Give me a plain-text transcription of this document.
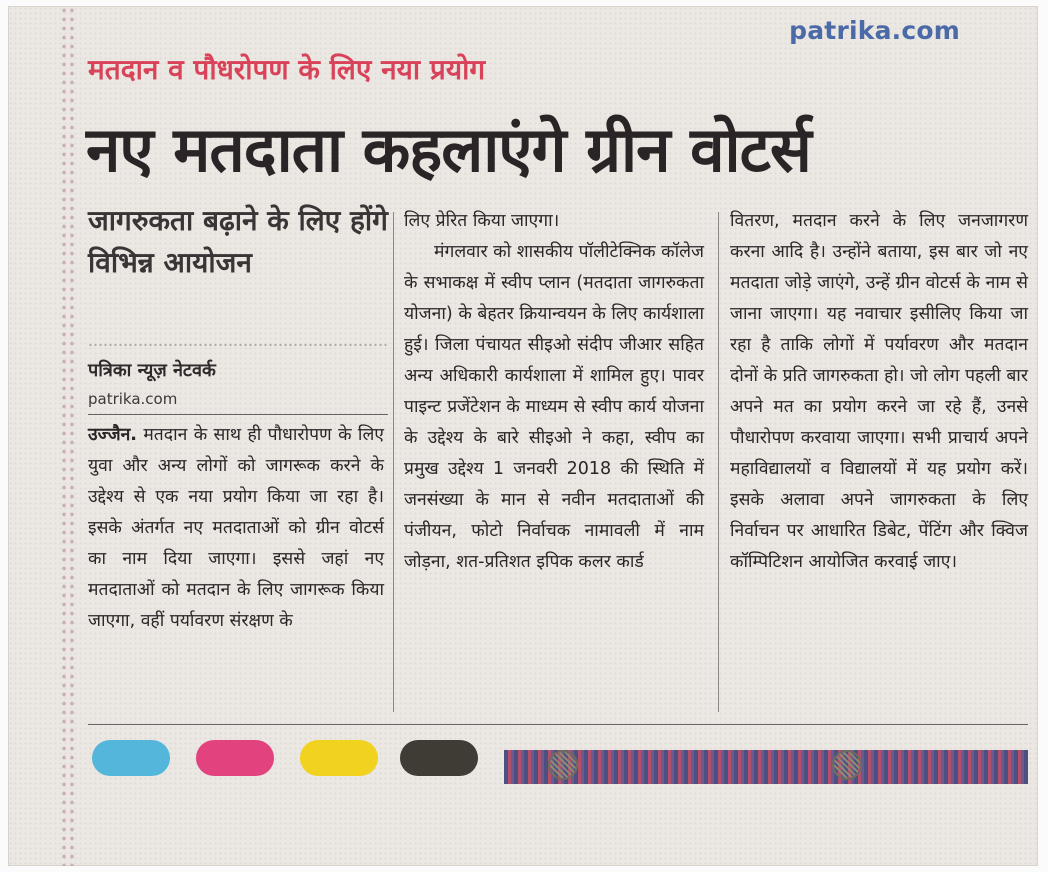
patrika.com
मतदान व पौधरोपण के लिए नया प्रयोग
नए मतदाता कहलाएंगे ग्रीन वोटर्स
जागरुकता बढ़ाने के लिए होंगे विभिन्न आयोजन
पत्रिका न्यूज़ नेटवर्क
patrika.com

उज्जैन. मतदान के साथ ही पौधारोपण के लिए युवा और अन्य लोगों को जागरूक करने के उद्देश्य से एक नया प्रयोग किया जा रहा है। इसके अंतर्गत नए मतदाताओं को ग्रीन वोटर्स का नाम दिया जाएगा। इससे जहां नए मतदाताओं को मतदान के लिए जागरूक किया जाएगा, वहीं पर्यावरण संरक्षण के

लिए प्रेरित किया जाएगा।

मंगलवार को शासकीय पॉलीटेक्निक कॉलेज के सभाकक्ष में स्वीप प्लान (मतदाता जागरुकता योजना) के बेहतर क्रियान्वयन के लिए कार्यशाला हुई। जिला पंचायत सीइओ संदीप जीआर सहित अन्य अधिकारी कार्यशाला में शामिल हुए। पावर पाइन्ट प्रजेंटेशन के माध्यम से स्वीप कार्य योजना के उद्देश्य के बारे सीइओ ने कहा, स्वीप का प्रमुख उद्देश्य 1 जनवरी 2018 की स्थिति में जनसंख्या के मान से नवीन मतदाताओं की पंजीयन, फोटो निर्वाचक नामावली में नाम जोड़ना, शत-प्रतिशत इपिक कलर कार्ड

वितरण, मतदान करने के लिए जनजागरण करना आदि है। उन्होंने बताया, इस बार जो नए मतदाता जोड़े जाएंगे, उन्हें ग्रीन वोटर्स के नाम से जाना जाएगा। यह नवाचार इसीलिए किया जा रहा है ताकि लोगों में पर्यावरण और मतदान दोनों के प्रति जागरुकता हो। जो लोग पहली बार अपने मत का प्रयोग करने जा रहे हैं, उनसे पौधारोपण करवाया जाएगा। सभी प्राचार्य अपने महाविद्यालयों व विद्यालयों में यह प्रयोग करें। इसके अलावा अपने जागरुकता के लिए निर्वाचन पर आधारित डिबेट, पेंटिंग और क्विज कॉम्पिटिशन आयोजित करवाई जाए।
